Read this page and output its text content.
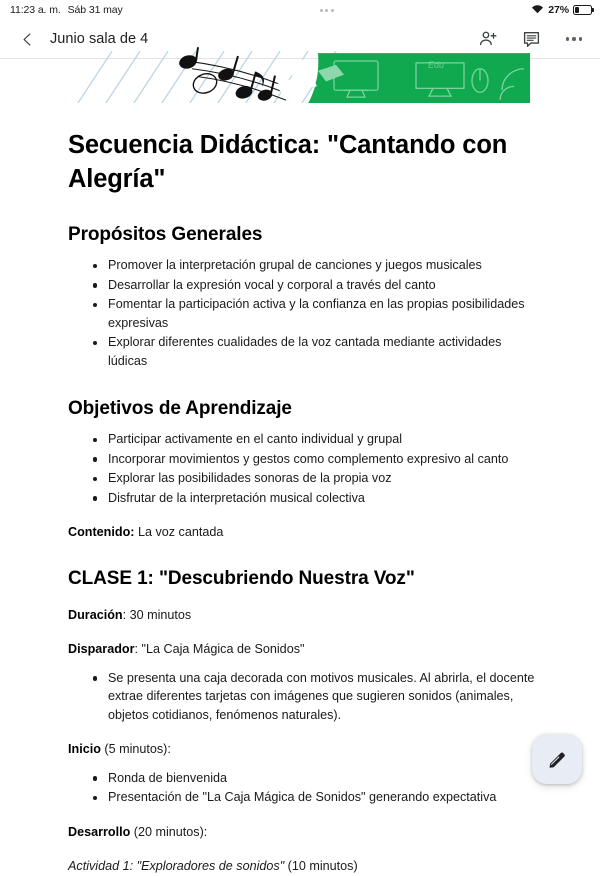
11:23 a. m. Sáb 31 may	27%
Junio sala de 4
Edu
Secuencia Didáctica: "Cantando con Alegría"
Propósitos Generales
Promover la interpretación grupal de canciones y juegos musicales
Desarrollar la expresión vocal y corporal a través del canto
Fomentar la participación activa y la confianza en las propias posibilidades expresivas
Explorar diferentes cualidades de la voz cantada mediante actividades lúdicas
Objetivos de Aprendizaje
Participar activamente en el canto individual y grupal
Incorporar movimientos y gestos como complemento expresivo al canto
Explorar las posibilidades sonoras de la propia voz
Disfrutar de la interpretación musical colectiva

Contenido: La voz cantada

CLASE 1: "Descubriendo Nuestra Voz"

Duración: 30 minutos

Disparador: "La Caja Mágica de Sonidos"

Se presenta una caja decorada con motivos musicales. Al abrirla, el docente extrae diferentes tarjetas con imágenes que sugieren sonidos (animales, objetos cotidianos, fenómenos naturales).

Inicio (5 minutos):

Ronda de bienvenida
Presentación de "La Caja Mágica de Sonidos" generando expectativa

Desarrollo (20 minutos):

Actividad 1: "Exploradores de sonidos" (10 minutos)
